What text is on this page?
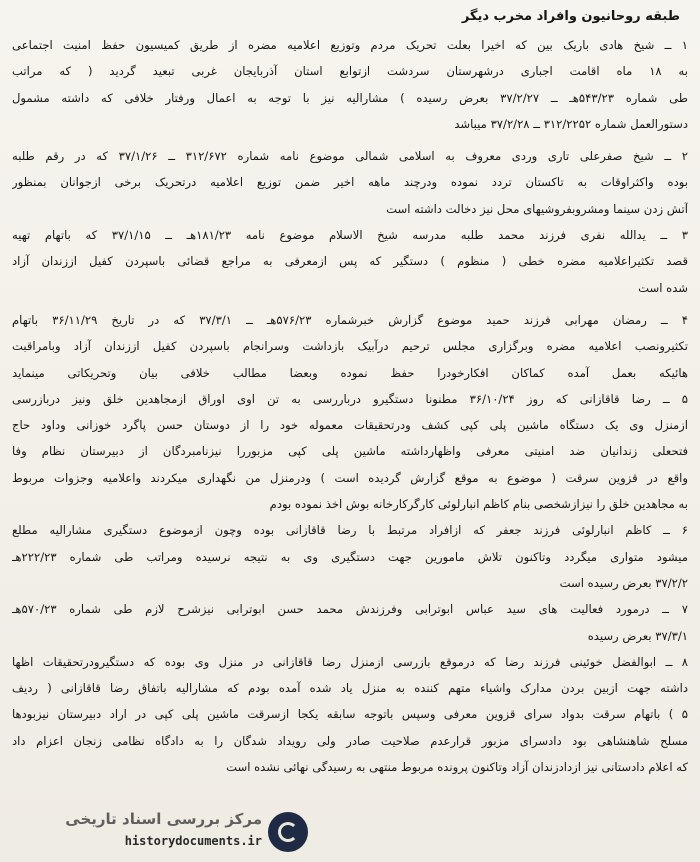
طبقه روحانیون وافراد مخرب دیگر
۱ ــ شیخ هادی باریک بین که اخیرا بعلت تحریک مردم وتوزیع اعلامیه مضره از طریق کمیسیون حفظ امنیت اجتماعی
به ۱۸ ماه اقامت اجباری درشهرستان سردشت ازتوابع استان آذربایجان غربی تبعید گردید ( که مراتب
طی شماره ۵۴۳/۲۳هـ ــ ۳۷/۲/۲۷ بعرض رسیده ) مشارالیه نیز با توجه به اعمال ورفتار خلافی که داشته مشمول
دستورالعمل شماره ۳۱۲/۲۲۵۲ ــ ۳۷/۲/۲۸ میباشد
۲ ــ شیخ صفرعلی تاری وردی معروف به اسلامی شمالی موضوع نامه شماره ۳۱۲/۶۷۲ ــ ۳۷/۱/۲۶ که در رقم طلبه
بوده واکثراوقات به تاکستان تردد نموده ودرچند ماهه اخیر ضمن توزیع اعلامیه درتحریک برخی ازجوانان بمنظور
آتش زدن سینما ومشروبفروشیهای محل نیز دخالت داشته است
۳ ــ یدالله نفری فرزند محمد طلبه مدرسه شیخ الاسلام موضوع نامه ۱۸۱/۲۳هـ ــ ۳۷/۱/۱۵ که باتهام تهیه
قصد تکثیراعلامیه مضره خطی ( منظوم ) دستگیر که پس ازمعرفی به مراجع قضائی باسپردن کفیل اززندان آزاد
شده است
۴ ــ رمضان مهرابی فرزند حمید موضوع گزارش خبرشماره ۵۷۶/۲۳هـ ــ ۳۷/۳/۱ که در تاریخ ۳۶/۱۱/۲۹ باتهام
تکثیرونصب اعلامیه مضره وبرگزاری مجلس ترحیم درآبیک بازداشت وسرانجام باسپردن کفیل اززندان آزاد وبامراقبت
هائیکه بعمل آمده کماکان افکارخودرا حفظ نموده وبعضا مطالب خلافی بیان وتحریکاتی مینماید
۵ ــ رضا قاقازانی که روز ۳۶/۱۰/۲۴ مطنونا دستگیرو درباررسی به تن اوی اوراق ازمجاهدین خلق ونیز دربازرسی
ازمنزل وی یک دستگاه ماشین پلی کپی کشف ودرتحقیقات معموله خود را از دوستان حسن پاگرد خوزانی وداود حاج
فتحعلی زندانیان ضد امنیتی معرفی واظهارداشته ماشین پلی کپی مزبوررا نیزنامبردگان از دبیرستان نظام وفا
واقع در قزوین سرقت ( موضوع به موقع گزارش گردیده است ) ودرمنزل من نگهداری میکردند واعلامیه وجزوات مربوط
به مجاهدین خلق را نیزازشخصی بنام کاظم انبارلوئی کارگرکارخانه بوش اخذ نموده بودم
۶ ــ کاظم انبارلوئی فرزند جعفر که ازافراد مرتبط با رضا قاقازانی بوده وچون ازموضوع دستگیری مشارالیه مطلع
میشود متواری میگردد وتاکنون تلاش مامورین جهت دستگیری وی به نتیجه نرسیده ومراتب طی شماره ۲۲۲/۲۳هـ
۳۷/۲/۲ بعرض رسیده است
۷ ــ درمورد فعالیت های سید عباس ابوترابی وفرزندش محمد حسن ابوترابی نیزشرح لازم طی شماره ۵۷۰/۲۳هـ
۳۷/۳/۱ بعرض رسیده
۸ ــ ابوالفضل خوئینی فرزند رضا که درموقع بازرسی ازمنزل رضا قاقازانی در منزل وی بوده که دستگیرودرتحقیقات اظها
داشته جهت ازبین بردن مدارک واشیاء متهم کننده به منزل یاد شده آمده بودم که مشارالیه باتفاق رضا قاقازانی ( ردیف
۵ ) باتهام سرقت بدواد سرای قزوین معرفی وسپس باتوجه سابقه یکجا ازسرقت ماشین پلی کپی در اراد دبیرستان نیزبودها
مسلح شاهنشاهی بود دادسرای مزبور قرارعدم صلاحیت صادر ولی رویداد شدگان را به دادگاه نظامی زنجان اعزام داد
که اعلام دادستانی نیز ازدادزندان آزاد وتاکنون پرونده مربوط منتهی به رسیدگی نهائی نشده است
مرکز بررسی اسناد تاریخی
historydocuments.ir
